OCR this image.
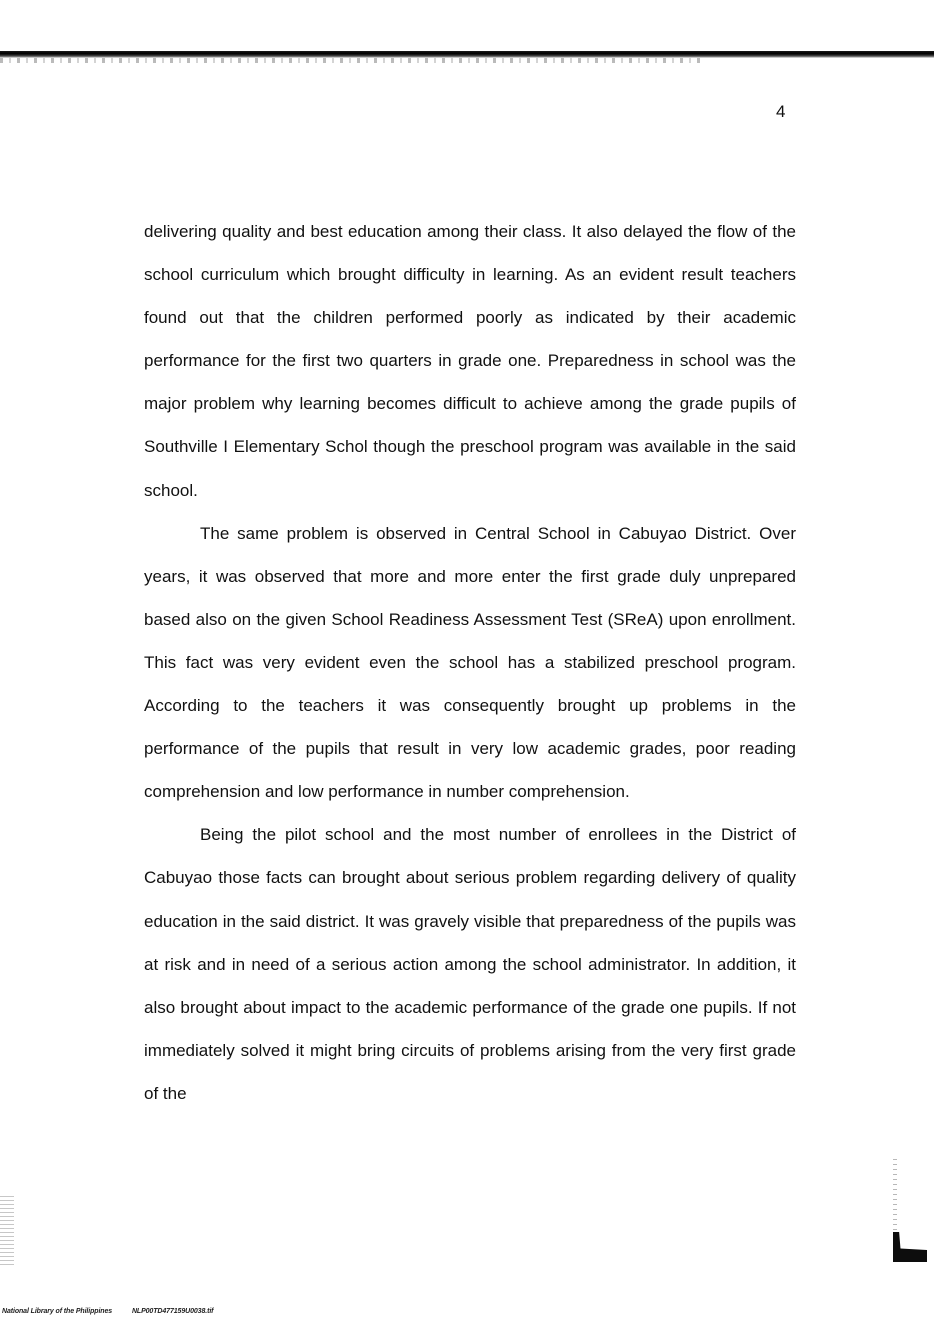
4

delivering quality and best education among their class. It also delayed the flow of the school curriculum which brought difficulty in learning. As an evident result teachers found out that the children performed poorly as indicated by their academic performance for the first two quarters in grade one. Preparedness in school was the major problem why learning becomes difficult to achieve among the grade pupils of Southville I Elementary Schol though the preschool program was available in the said school.

The same problem is observed in Central School in Cabuyao District. Over years, it was observed that more and more enter the first grade duly unprepared based also on the given School Readiness Assessment Test (SReA) upon enrollment. This fact was very evident even the school has a stabilized preschool program. According to the teachers it was consequently brought up problems in the performance of the pupils that result in very low academic grades, poor reading comprehension and low performance in number comprehension.

Being the pilot school and the most number of enrollees in the District of Cabuyao those facts can brought about serious problem regarding delivery of quality education in the said district. It was gravely visible that preparedness of the pupils was at risk and in need of a serious action among the school administrator. In addition, it also brought about impact to the academic performance of the grade one pupils. If not immediately solved it might bring circuits of problems arising from the very first grade of the

National Library of the Philippines	NLP00TD477159U0038.tif
